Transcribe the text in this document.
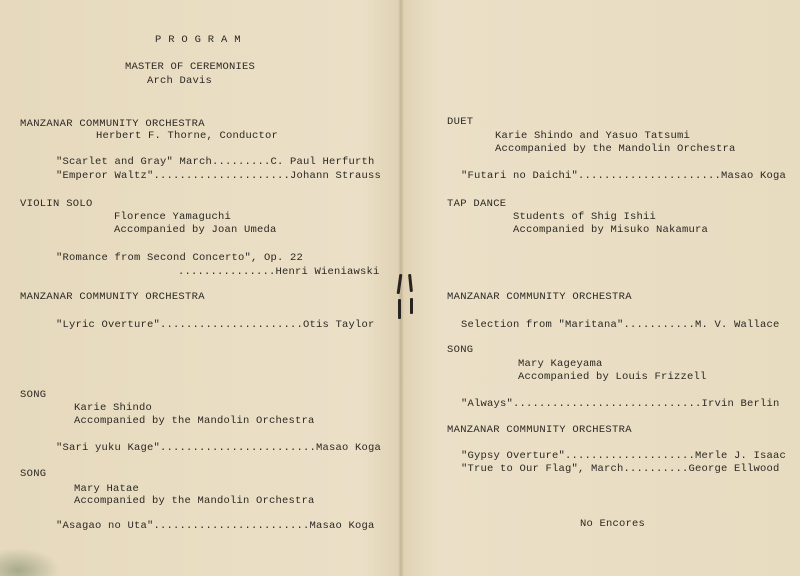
P R O G R A M
MASTER OF CEREMONIES
Arch Davis
MANZANAR COMMUNITY ORCHESTRA
Herbert F. Thorne, Conductor
"Scarlet and Gray" March.........C. Paul Herfurth
"Emperor Waltz".....................Johann Strauss
VIOLIN SOLO
Florence Yamaguchi
Accompanied by Joan Umeda
"Romance from Second Concerto", Op. 22
...............Henri Wieniawski
MANZANAR COMMUNITY ORCHESTRA
"Lyric Overture"......................Otis Taylor
SONG
Karie Shindo
Accompanied by the Mandolin Orchestra
"Sari yuku Kage"........................Masao Koga
SONG
Mary Hatae
Accompanied by the Mandolin Orchestra
"Asagao no Uta"........................Masao Koga
DUET
Karie Shindo and Yasuo Tatsumi
Accompanied by the Mandolin Orchestra
"Futari no Daichi"......................Masao Koga
TAP DANCE
Students of Shig Ishii
Accompanied by Misuko Nakamura
MANZANAR COMMUNITY ORCHESTRA
Selection from "Maritana"...........M. V. Wallace
SONG
Mary Kageyama
Accompanied by Louis Frizzell
"Always".............................Irvin Berlin
MANZANAR COMMUNITY ORCHESTRA
"Gypsy Overture"....................Merle J. Isaac
"True to Our Flag", March..........George Ellwood
No Encores
